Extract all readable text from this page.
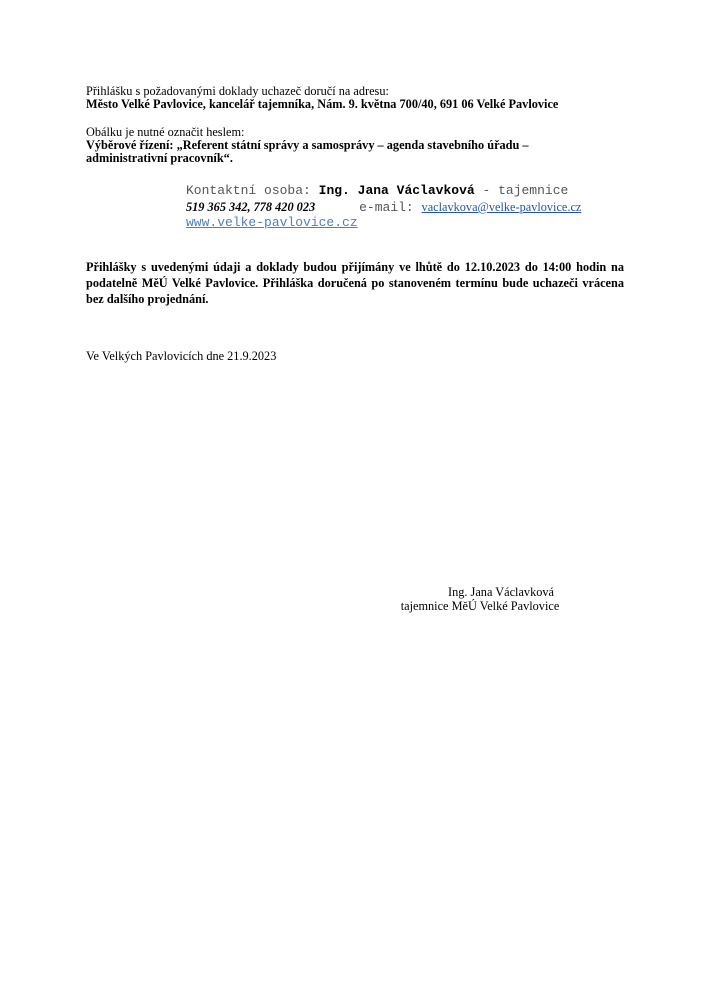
Přihlášku s požadovanými doklady uchazeč doručí na adresu:
Město Velké Pavlovice, kancelář tajemníka, Nám. 9. května 700/40, 691 06 Velké Pavlovice
Obálku je nutné označit heslem:
Výběrové řízení: „Referent státní správy a samosprávy – agenda stavebního úřadu –
administrativní pracovník“.
Kontaktní osoba: Ing. Jana Václavková - tajemnice
519 365 342, 778 420 023	e-mail: vaclavkova@velke-pavlovice.cz
www.velke-pavlovice.cz
Přihlášky s uvedenými údaji a doklady budou přijímány ve lhůtě do 12.10.2023 do 14:00 hodin na podatelně MěÚ Velké Pavlovice. Přihláška doručená po stanoveném termínu bude uchazeči vrácena bez dalšího projednání.
Ve Velkých Pavlovicích dne 21.9.2023
Ing. Jana Václavková
tajemnice MěÚ Velké Pavlovice
